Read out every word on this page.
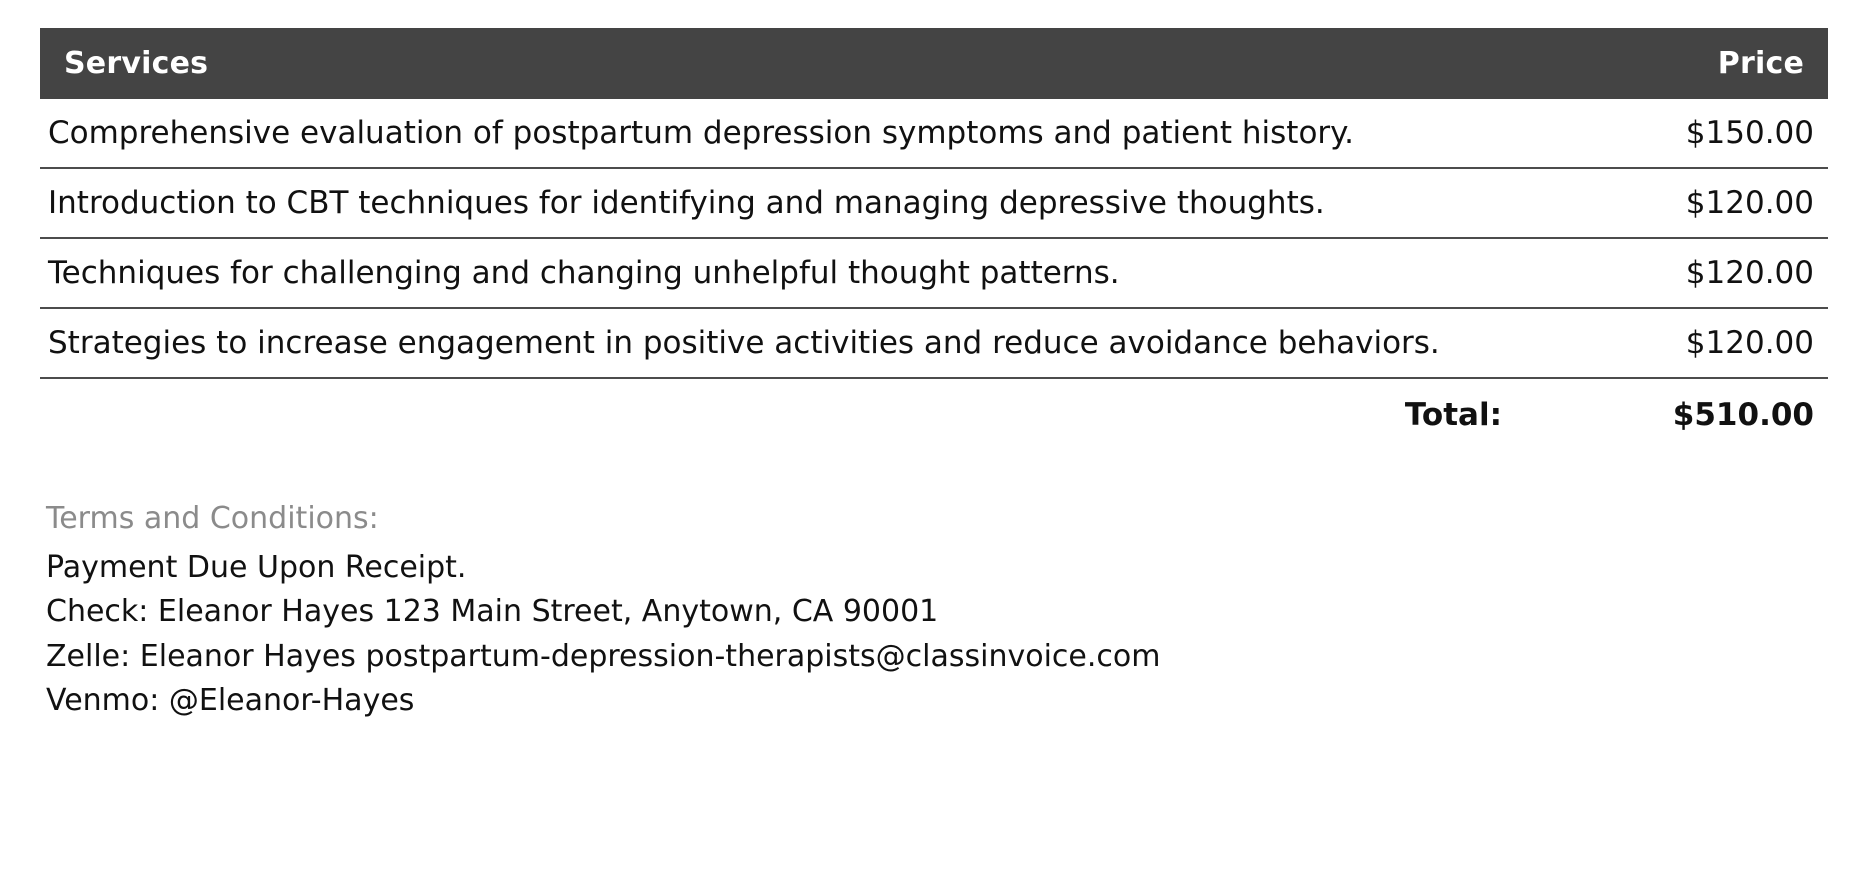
Services	Price
Comprehensive evaluation of postpartum depression symptoms and patient history.	$150.00
Introduction to CBT techniques for identifying and managing depressive thoughts.	$120.00
Techniques for challenging and changing unhelpful thought patterns.	$120.00
Strategies to increase engagement in positive activities and reduce avoidance behaviors.	$120.00
Total:	$510.00
Terms and Conditions:
Payment Due Upon Receipt.
Check: Eleanor Hayes 123 Main Street, Anytown, CA 90001
Zelle: Eleanor Hayes postpartum-depression-therapists@classinvoice.com
Venmo: @Eleanor-Hayes
